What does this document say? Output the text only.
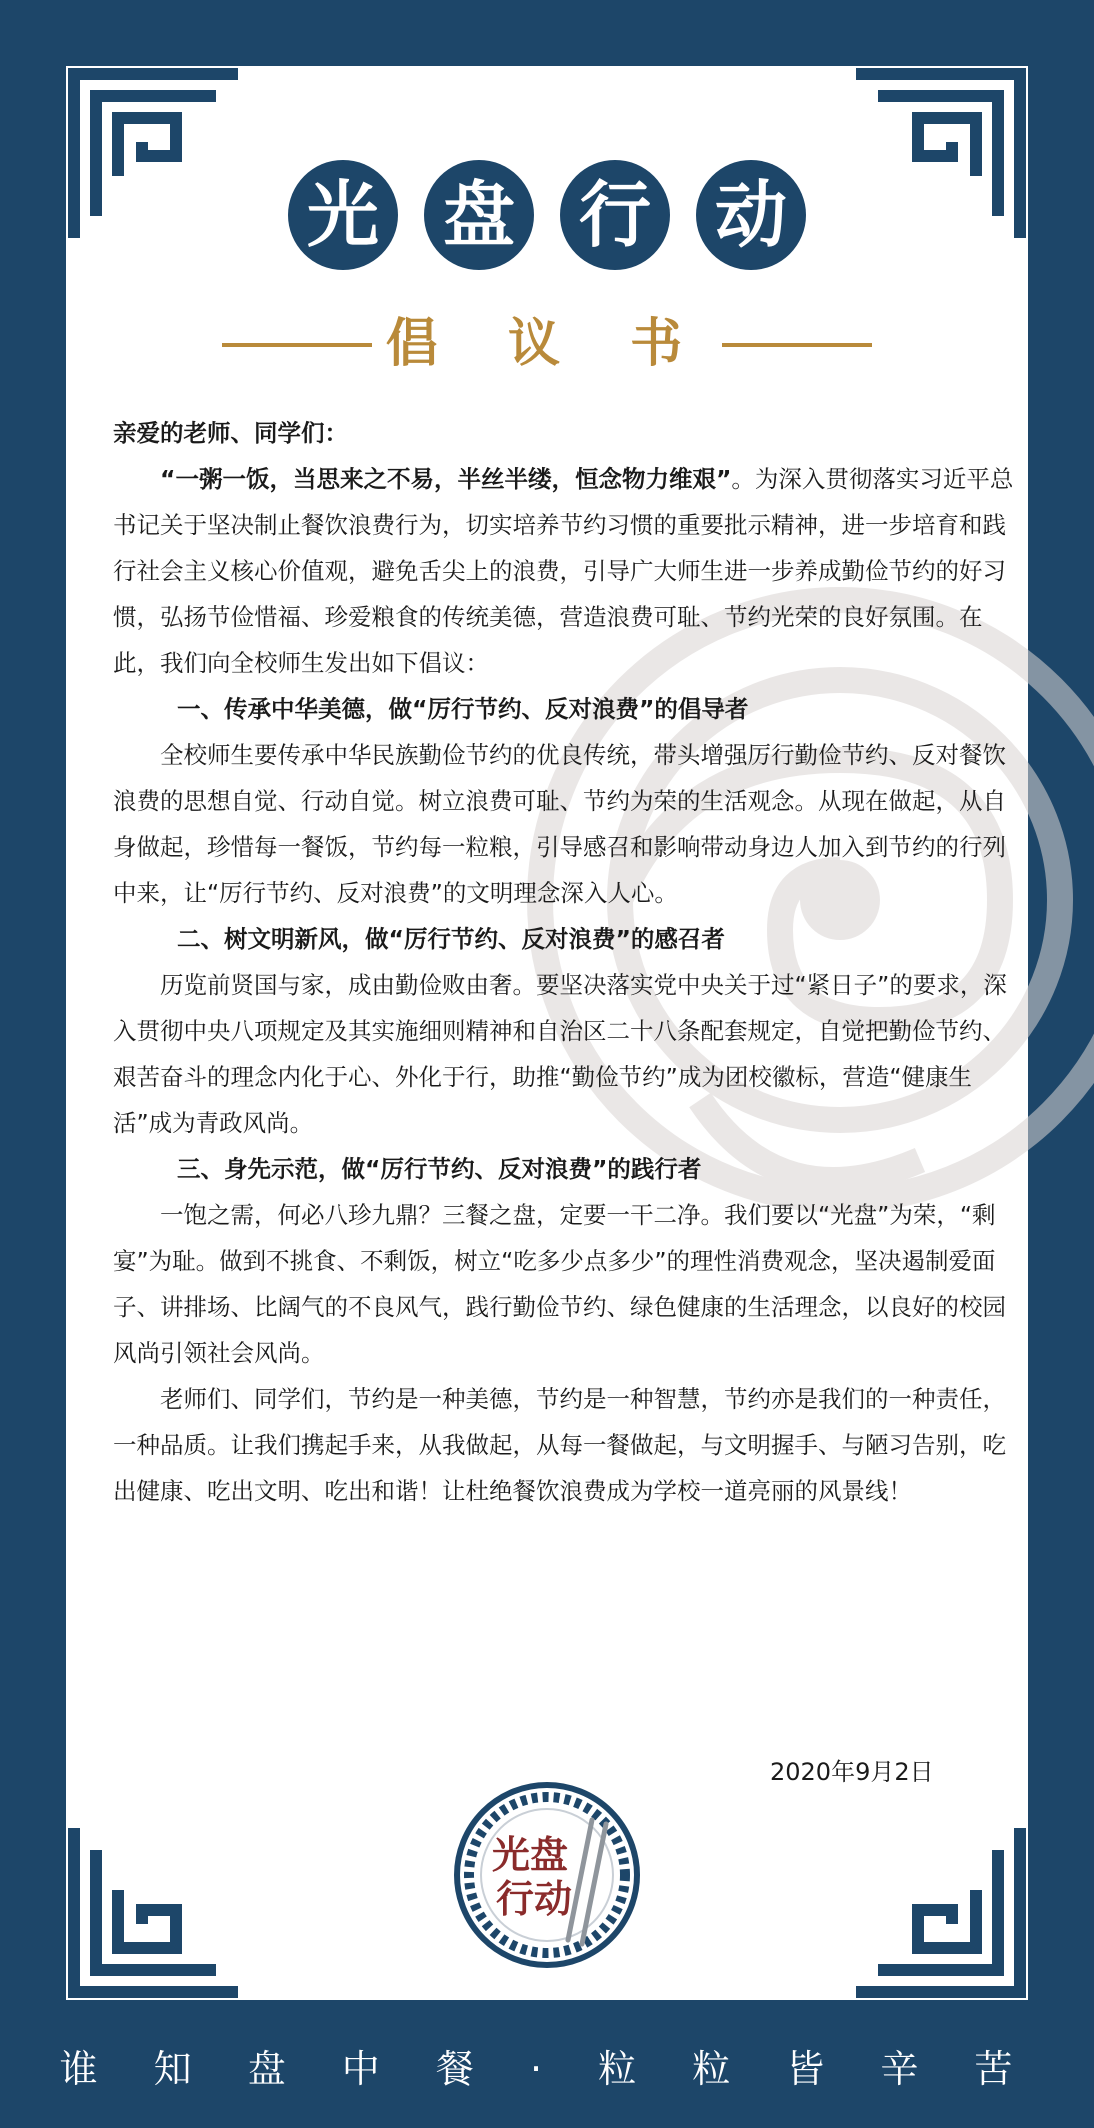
光 盘 行 动
倡 议 书

亲爱的老师、同学们：

“一粥一饭，当思来之不易，半丝半缕，恒念物力维艰”。为深入贯彻落实习近平总书记关于坚决制止餐饮浪费行为，切实培养节约习惯的重要批示精神，进一步培育和践行社会主义核心价值观，避免舌尖上的浪费，引导广大师生进一步养成勤俭节约的好习惯，弘扬节俭惜福、珍爱粮食的传统美德，营造浪费可耻、节约光荣的良好氛围。在此，我们向全校师生发出如下倡议：

一、传承中华美德，做“厉行节约、反对浪费”的倡导者

全校师生要传承中华民族勤俭节约的优良传统，带头增强厉行勤俭节约、反对餐饮浪费的思想自觉、行动自觉。树立浪费可耻、节约为荣的生活观念。从现在做起，从自身做起，珍惜每一餐饭，节约每一粒粮，引导感召和影响带动身边人加入到节约的行列中来，让“厉行节约、反对浪费”的文明理念深入人心。

二、树文明新风，做“厉行节约、反对浪费”的感召者

历览前贤国与家，成由勤俭败由奢。要坚决落实党中央关于过“紧日子”的要求，深入贯彻中央八项规定及其实施细则精神和自治区二十八条配套规定，自觉把勤俭节约、艰苦奋斗的理念内化于心、外化于行，助推“勤俭节约”成为团校徽标，营造“健康生活”成为青政风尚。

三、身先示范，做“厉行节约、反对浪费”的践行者

一饱之需，何必八珍九鼎？三餐之盘，定要一干二净。我们要以“光盘”为荣，“剩宴”为耻。做到不挑食、不剩饭，树立“吃多少点多少”的理性消费观念，坚决遏制爱面子、讲排场、比阔气的不良风气，践行勤俭节约、绿色健康的生活理念，以良好的校园风尚引领社会风尚。

老师们、同学们，节约是一种美德，节约是一种智慧，节约亦是我们的一种责任，一种品质。让我们携起手来，从我做起，从每一餐做起，与文明握手、与陋习告别，吃出健康、吃出文明、吃出和谐！让杜绝餐饮浪费成为学校一道亮丽的风景线！

2020年9月2日
光盘
行动
谁 知 盘 中 餐 · 粒 粒 皆 辛 苦
